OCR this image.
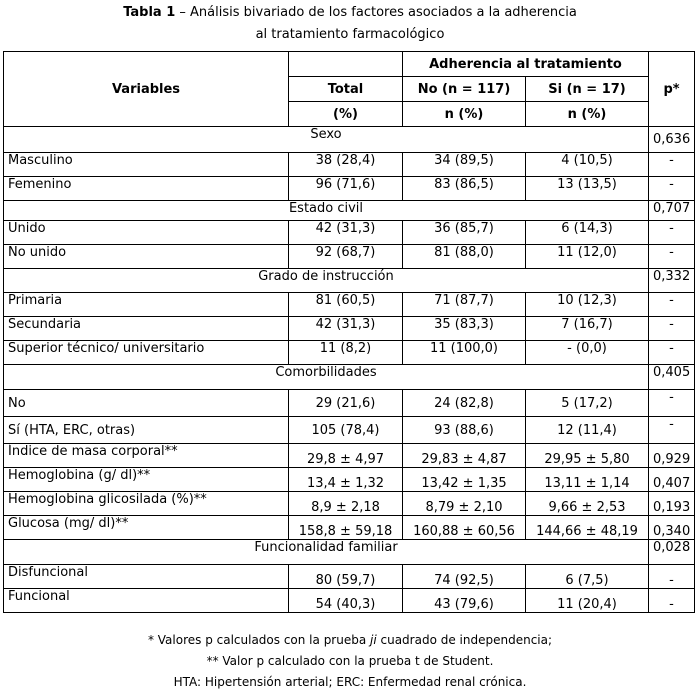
Tabla 1 – Análisis bivariado de los factores asociados a la adherencia
al tratamiento farmacológico
Variables		Adherencia al tratamiento		p*
	Total	No (n = 117)	Si (n = 17)	
	(%)	n (%)	n (%)	
Sexo				0,636
Masculino	38 (28,4)	34 (89,5)	4 (10,5)	-
Femenino	96 (71,6)	83 (86,5)	13 (13,5)	-
Estado civil				0,707
Unido	42 (31,3)	36 (85,7)	6 (14,3)	-
No unido	92 (68,7)	81 (88,0)	11 (12,0)	-
Grado de instrucción				0,332
Primaria	81 (60,5)	71 (87,7)	10 (12,3)	-
Secundaria	42 (31,3)	35 (83,3)	7 (16,7)	-
Superior técnico/ universitario	11 (8,2)	11 (100,0)	- (0,0)	-
Comorbilidades				0,405
No	29 (21,6)	24 (82,8)	5 (17,2)	-
Sí (HTA, ERC, otras)	105 (78,4)	93 (88,6)	12 (11,4)	-
Índice de masa corporal**	29,8 ± 4,97	29,83 ± 4,87	29,95 ± 5,80	0,929
Hemoglobina (g/ dl)**	13,4 ± 1,32	13,42 ± 1,35	13,11 ± 1,14	0,407
Hemoglobina glicosilada (%)**	8,9 ± 2,18	8,79 ± 2,10	9,66 ± 2,53	0,193
Glucosa (mg/ dl)**	158,8 ± 59,18	160,88 ± 60,56	144,66 ± 48,19	0,340
Funcionalidad familiar				0,028
Disfuncional	80 (59,7)	74 (92,5)	6 (7,5)	-
Funcional	54 (40,3)	43 (79,6)	11 (20,4)	-
* Valores p calculados con la prueba ji cuadrado de independencia;
** Valor p calculado con la prueba t de Student.
HTA: Hipertensión arterial; ERC: Enfermedad renal crónica.
